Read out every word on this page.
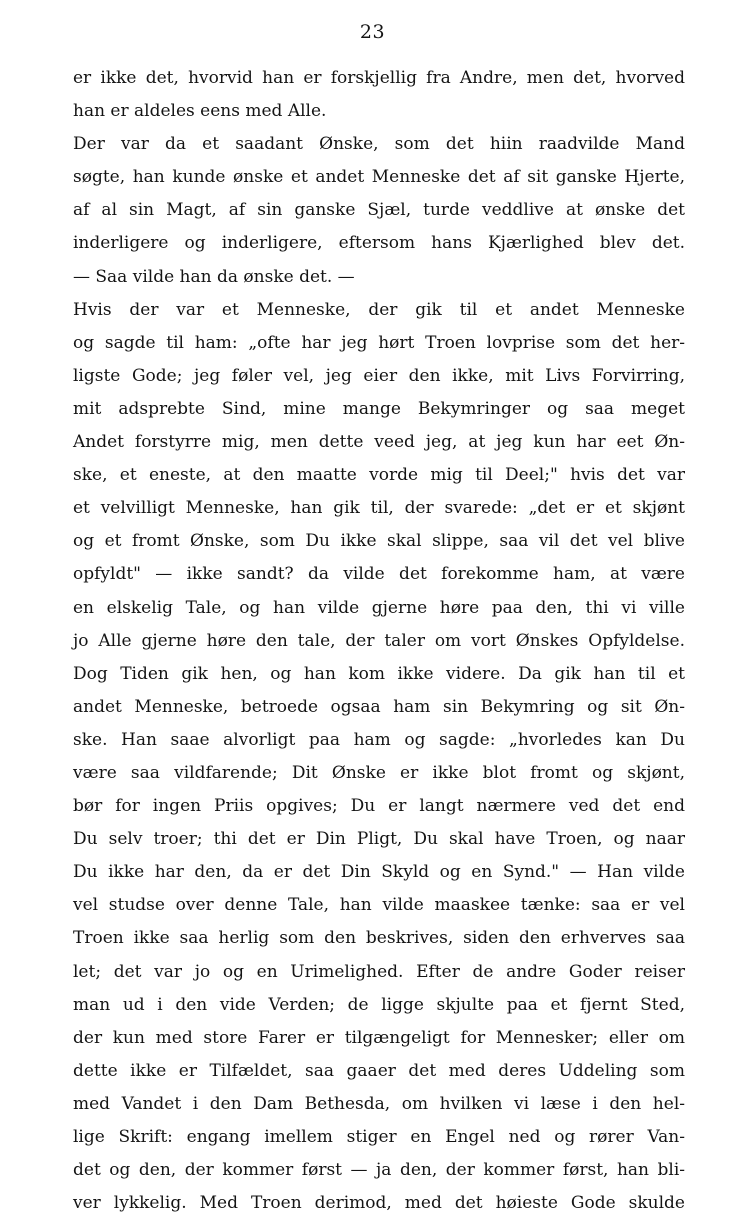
23
er ikke det, hvorvid han er forskjellig fra Andre, men det, hvorved
han er aldeles eens med Alle.
Der var da et saadant Ønske, som det hiin raadvilde Mand
søgte, han kunde ønske et andet Menneske det af sit ganske Hjerte,
af al sin Magt, af sin ganske Sjæl, turde veddlive at ønske det
inderligere og inderligere, eftersom hans Kjærlighed blev det.
— Saa vilde han da ønske det. —
Hvis der var et Menneske, der gik til et andet Menneske
og sagde til ham: „ofte har jeg hørt Troen lovprise som det her-
ligste Gode; jeg føler vel, jeg eier den ikke, mit Livs Forvirring,
mit adsprebte Sind, mine mange Bekymringer og saa meget
Andet forstyrre mig, men dette veed jeg, at jeg kun har eet Øn-
ske, et eneste, at den maatte vorde mig til Deel;" hvis det var
et velvilligt Menneske, han gik til, der svarede: „det er et skjønt
og et fromt Ønske, som Du ikke skal slippe, saa vil det vel blive
opfyldt" — ikke sandt? da vilde det forekomme ham, at være
en elskelig Tale, og han vilde gjerne høre paa den, thi vi ville
jo Alle gjerne høre den tale, der taler om vort Ønskes Opfyldelse.
Dog Tiden gik hen, og han kom ikke videre. Da gik han til et
andet Menneske, betroede ogsaa ham sin Bekymring og sit Øn-
ske. Han saae alvorligt paa ham og sagde: „hvorledes kan Du
være saa vildfarende; Dit Ønske er ikke blot fromt og skjønt,
bør for ingen Priis opgives; Du er langt nærmere ved det end
Du selv troer; thi det er Din Pligt, Du skal have Troen, og naar
Du ikke har den, da er det Din Skyld og en Synd." — Han vilde
vel studse over denne Tale, han vilde maaskee tænke: saa er vel
Troen ikke saa herlig som den beskrives, siden den erhverves saa
let; det var jo og en Urimelighed. Efter de andre Goder reiser
man ud i den vide Verden; de ligge skjulte paa et fjernt Sted,
der kun med store Farer er tilgængeligt for Mennesker; eller om
dette ikke er Tilfældet, saa gaaer det med deres Uddeling som
med Vandet i den Dam Bethesda, om hvilken vi læse i den hel-
lige Skrift: engang imellem stiger en Engel ned og rører Van-
det og den, der kommer først — ja den, der kommer først, han bli-
ver lykkelig. Med Troen derimod, med det høieste Gode skulde
